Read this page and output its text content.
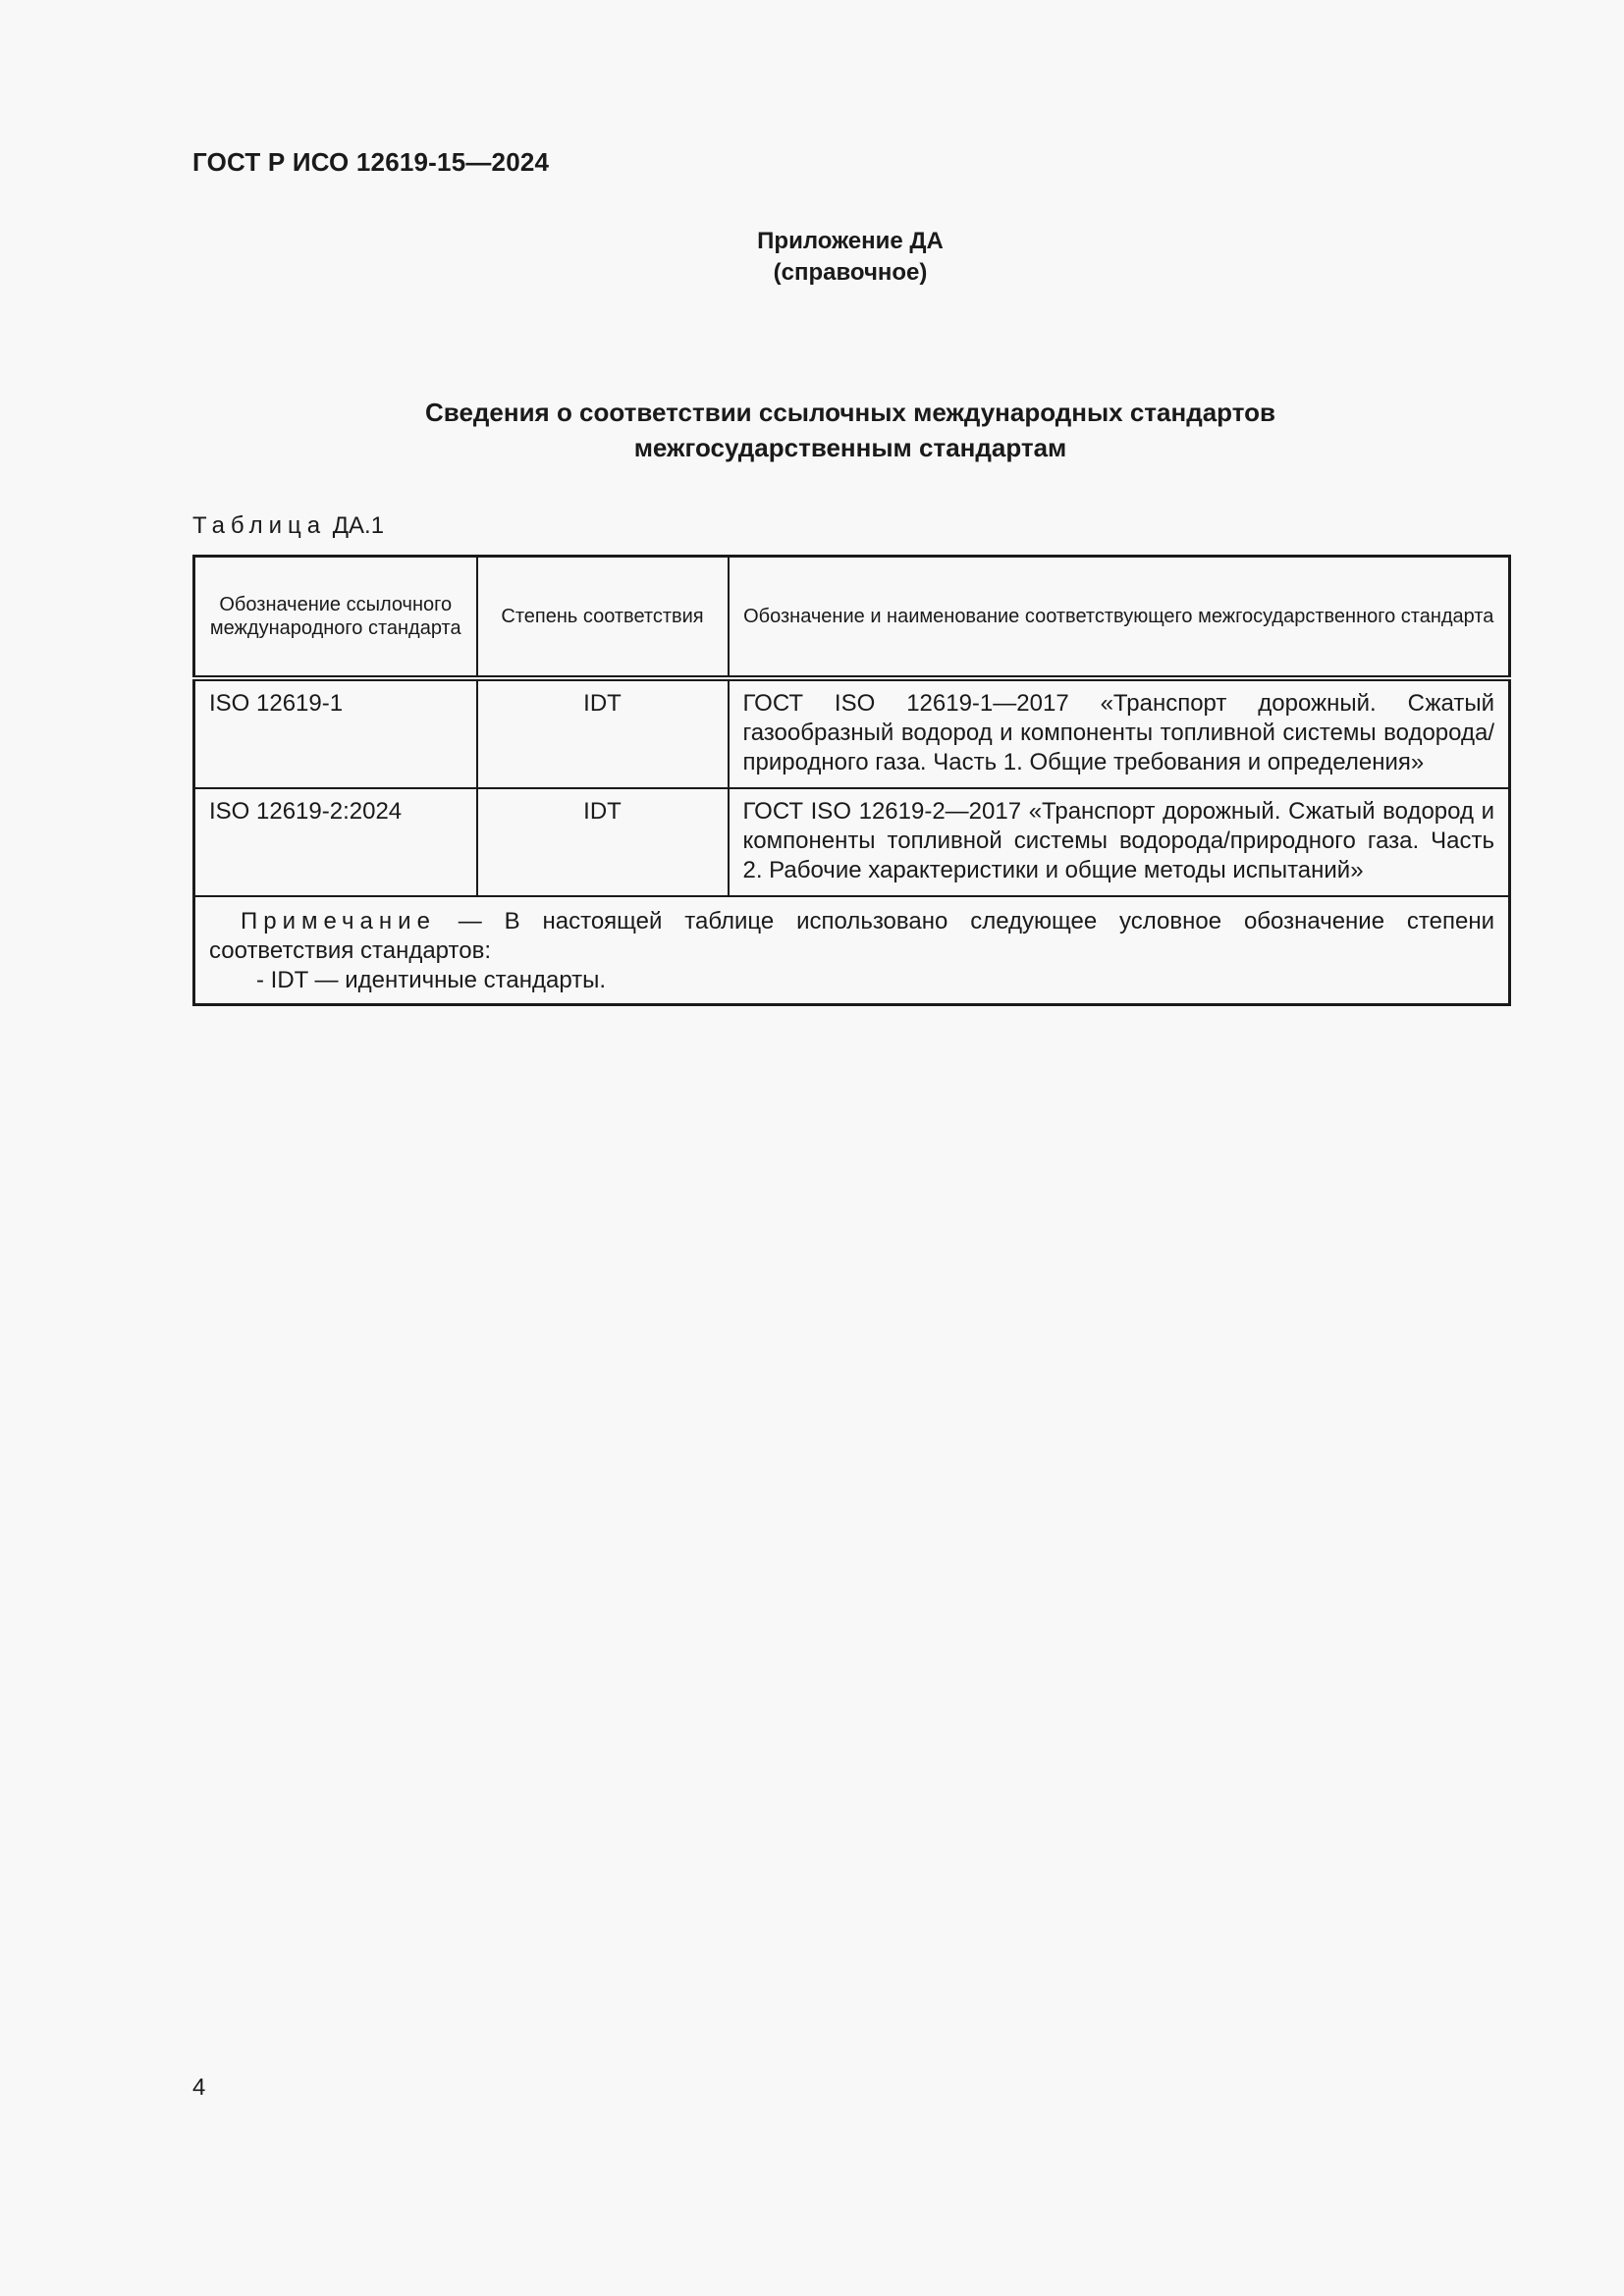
ГОСТ Р ИСО 12619-15—2024
Приложение ДА
(справочное)
Сведения о соответствии ссылочных международных стандартов
межгосударственным стандартам
Таблица ДА.1
Обозначение ссылочного международного стандарта	Степень соответствия	Обозначение и наименование соответствующего межгосударственного стандарта
ISO 12619-1	IDT	ГОСТ ISO 12619-1—2017 «Транспорт дорожный. Сжатый газообразный водород и компоненты топливной системы водорода/природного газа. Часть 1. Общие требования и определения»
ISO 12619-2:2024	IDT	ГОСТ ISO 12619-2—2017 «Транспорт дорожный. Сжатый водород и компоненты топливной системы водорода/природного газа. Часть 2. Рабочие характеристики и общие методы испытаний»
Примечание — В настоящей таблице использовано следующее условное обозначение степени соответствия стандартов:
- IDT — идентичные стандарты.		
4
